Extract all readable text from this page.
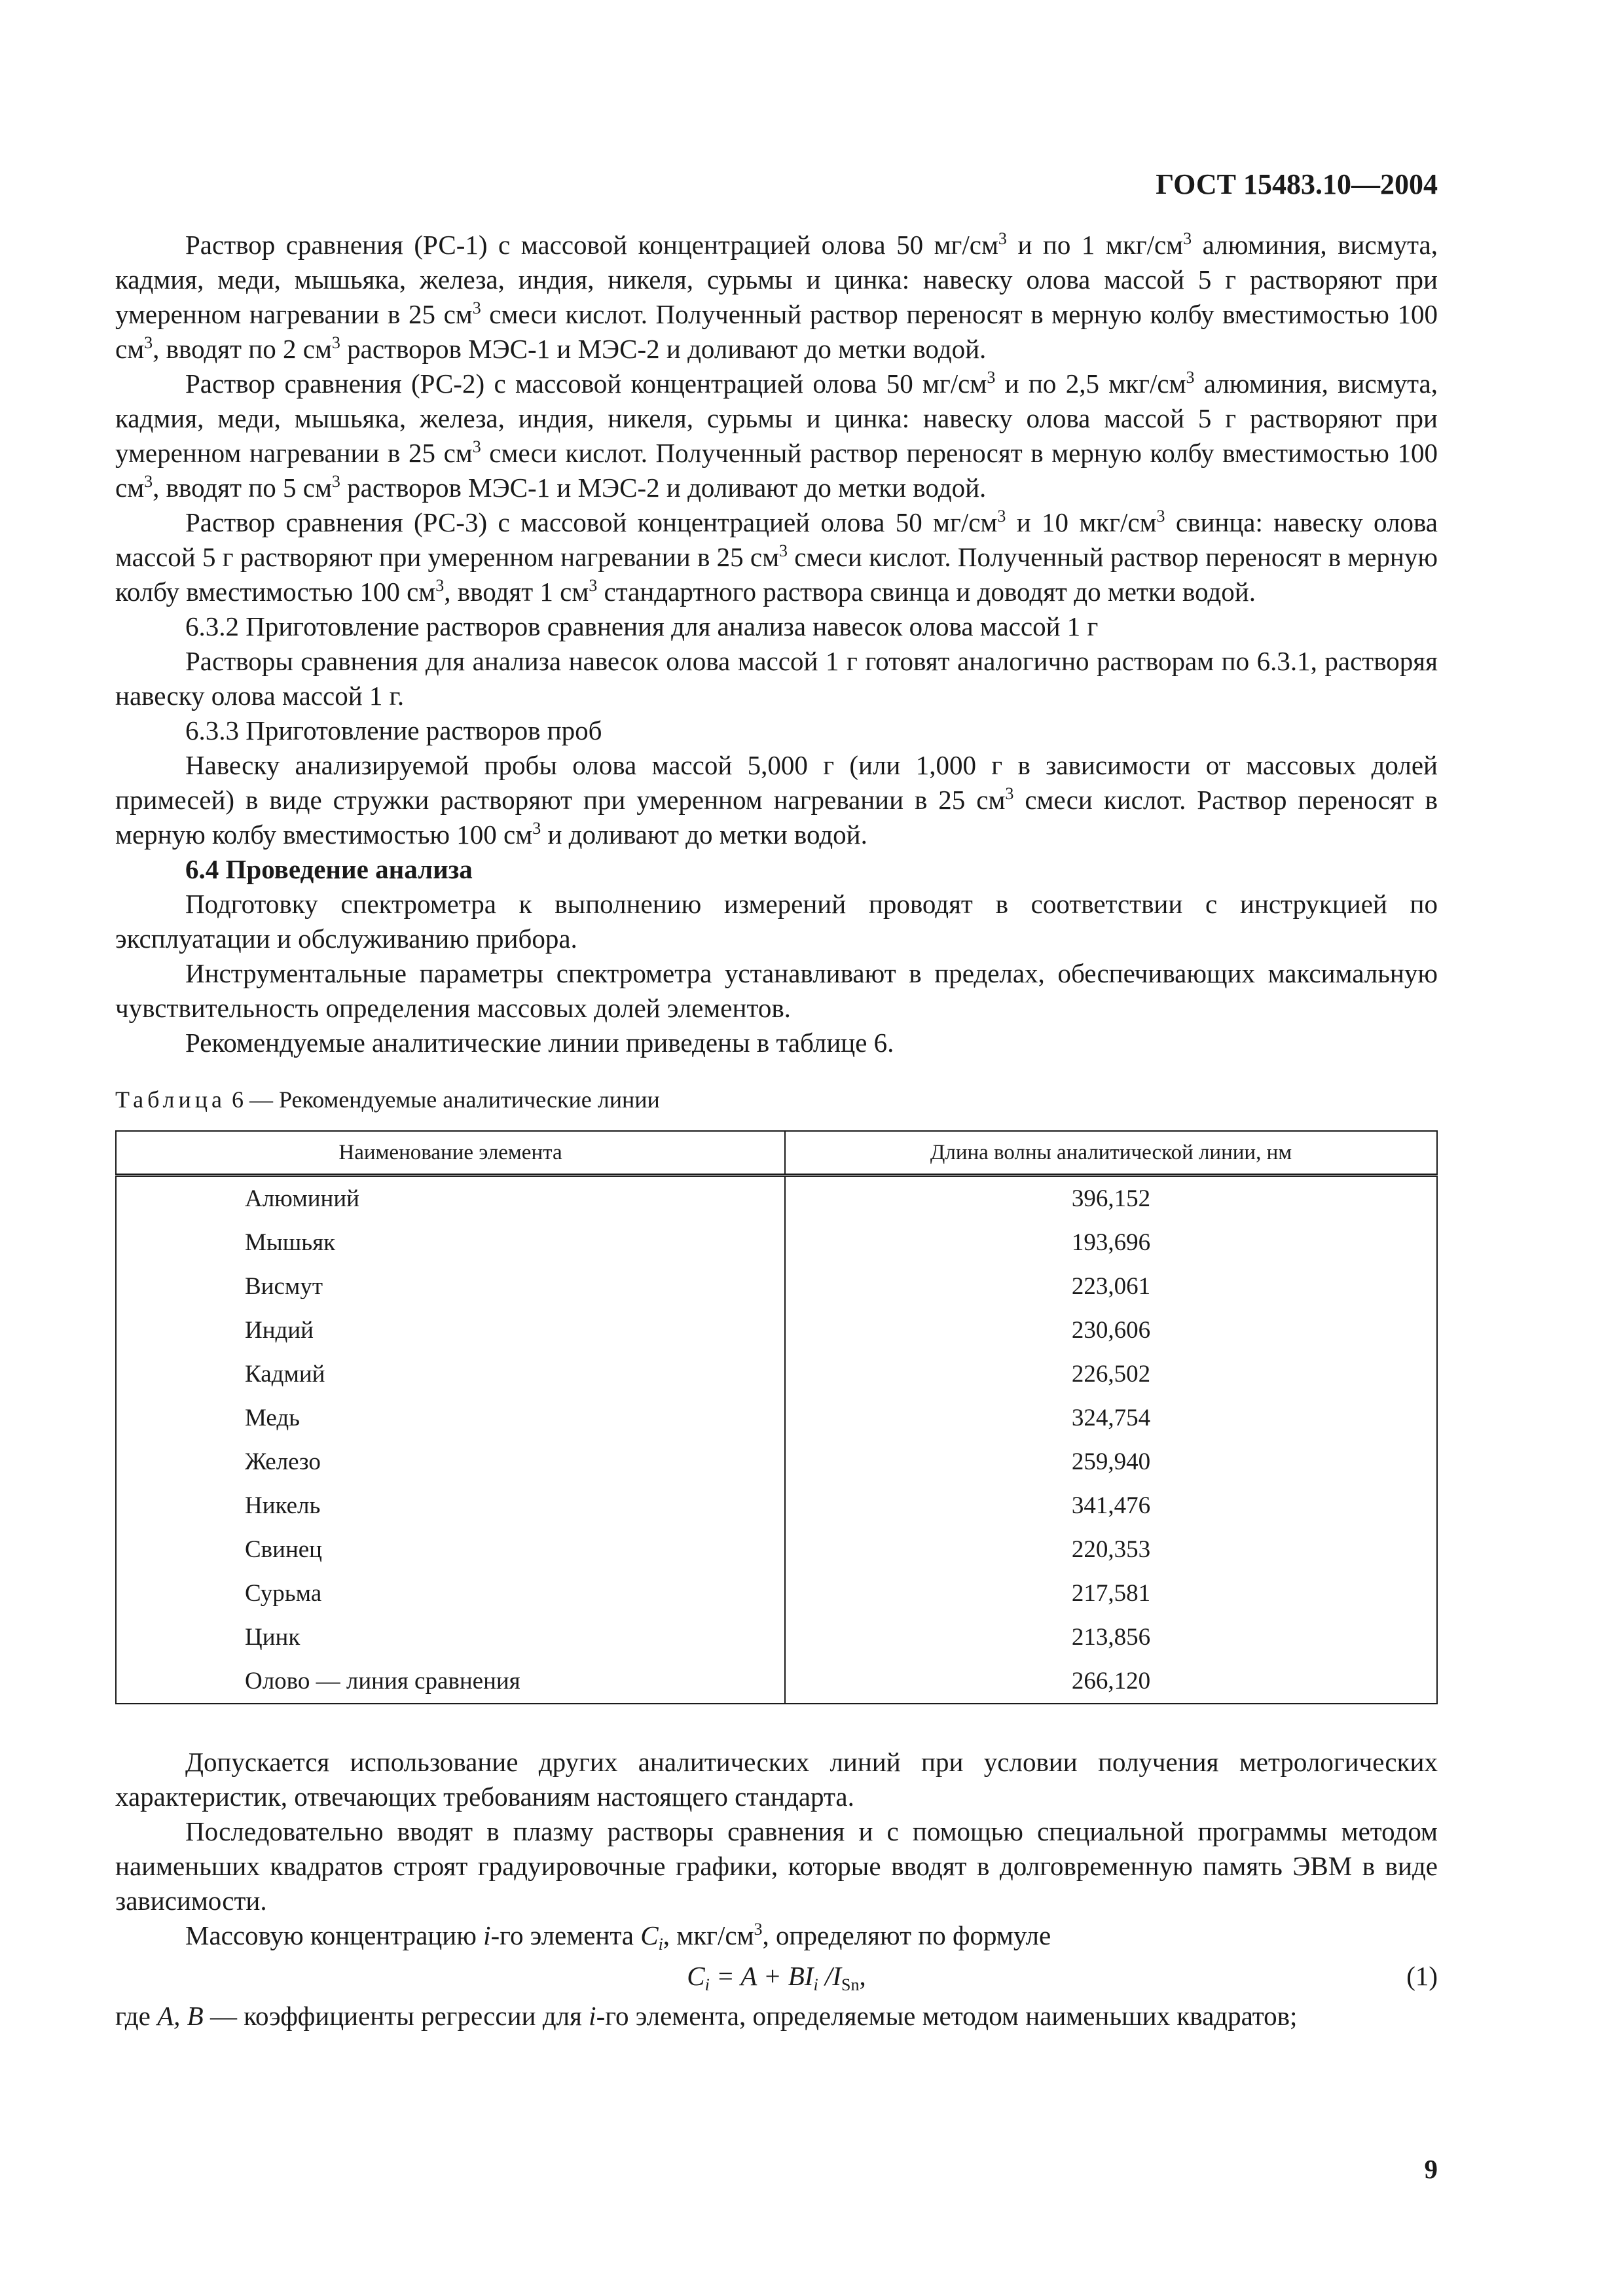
ГОСТ 15483.10—2004

Раствор сравнения (РС-1) с массовой концентрацией олова 50 $мг/см^3$ и по 1 мкг/$см^3$ алюминия, висмута, кадмия, меди, мышьяка, железа, индия, никеля, сурьмы и цинка: навеску олова массой 5 г растворяют при умеренном нагревании в 25 $см^3$ смеси кислот. Полученный раствор переносят в мерную колбу вместимостью 100 $см^3$, вводят по 2 $см^3$ растворов МЭС-1 и МЭС-2 и доливают до метки водой.

Раствор сравнения (РС-2) с массовой концентрацией олова 50 $мг/см^3$ и по 2,5 мкг/$см^3$ алюминия, висмута, кадмия, меди, мышьяка, железа, индия, никеля, сурьмы и цинка: навеску олова массой 5 г растворяют при умеренном нагревании в 25 $см^3$ смеси кислот. Полученный раствор переносят в мерную колбу вместимостью 100 $см^3$, вводят по 5 $см^3$ растворов МЭС-1 и МЭС-2 и доливают до метки водой.

Раствор сравнения (РС-3) с массовой концентрацией олова 50 $мг/см^3$ и 10 мкг/$см^3$ свинца: навеску олова массой 5 г растворяют при умеренном нагревании в 25 $см^3$ смеси кислот. Полученный раствор переносят в мерную колбу вместимостью 100 $см^3$, вводят 1 $см^3$ стандартного раствора свинца и доводят до метки водой.

6.3.2 Приготовление растворов сравнения для анализа навесок олова массой 1 г

Растворы сравнения для анализа навесок олова массой 1 г готовят аналогично растворам по 6.3.1, растворяя навеску олова массой 1 г.

6.3.3 Приготовление растворов проб

Навеску анализируемой пробы олова массой 5,000 г (или 1,000 г в зависимости от массовых долей примесей) в виде стружки растворяют при умеренном нагревании в 25 $см^3$ смеси кислот. Раствор переносят в мерную колбу вместимостью 100 $см^3$ и доливают до метки водой.

6.4 Проведение анализа

Подготовку спектрометра к выполнению измерений проводят в соответствии с инструкцией по эксплуатации и обслуживанию прибора.

Инструментальные параметры спектрометра устанавливают в пределах, обеспечивающих максимальную чувствительность определения массовых долей элементов.

Рекомендуемые аналитические линии приведены в таблице 6.

Таблица 6 — Рекомендуемые аналитические линии
Наименование элемента	Длина волны аналитической линии, нм
Алюминий	396,152
Мышьяк	193,696
Висмут	223,061
Индий	230,606
Кадмий	226,502
Медь	324,754
Железо	259,940
Никель	341,476
Свинец	220,353
Сурьма	217,581
Цинк	213,856
Олово — линия сравнения	266,120

Допускается использование других аналитических линий при условии получения метрологических характеристик, отвечающих требованиям настоящего стандарта.

Последовательно вводят в плазму растворы сравнения и с помощью специальной программы методом наименьших квадратов строят градуировочные графики, которые вводят в долговременную память ЭВМ в виде зависимости.

Массовую концентрацию i-го элемента $C_i$, мкг/$см^3$, определяют по формуле

$C_i = A + BI_i$ $/I_{Sn}$,	(1)

где A, B — коэффициенты регрессии для i-го элемента, определяемые методом наименьших квадратов;

9
